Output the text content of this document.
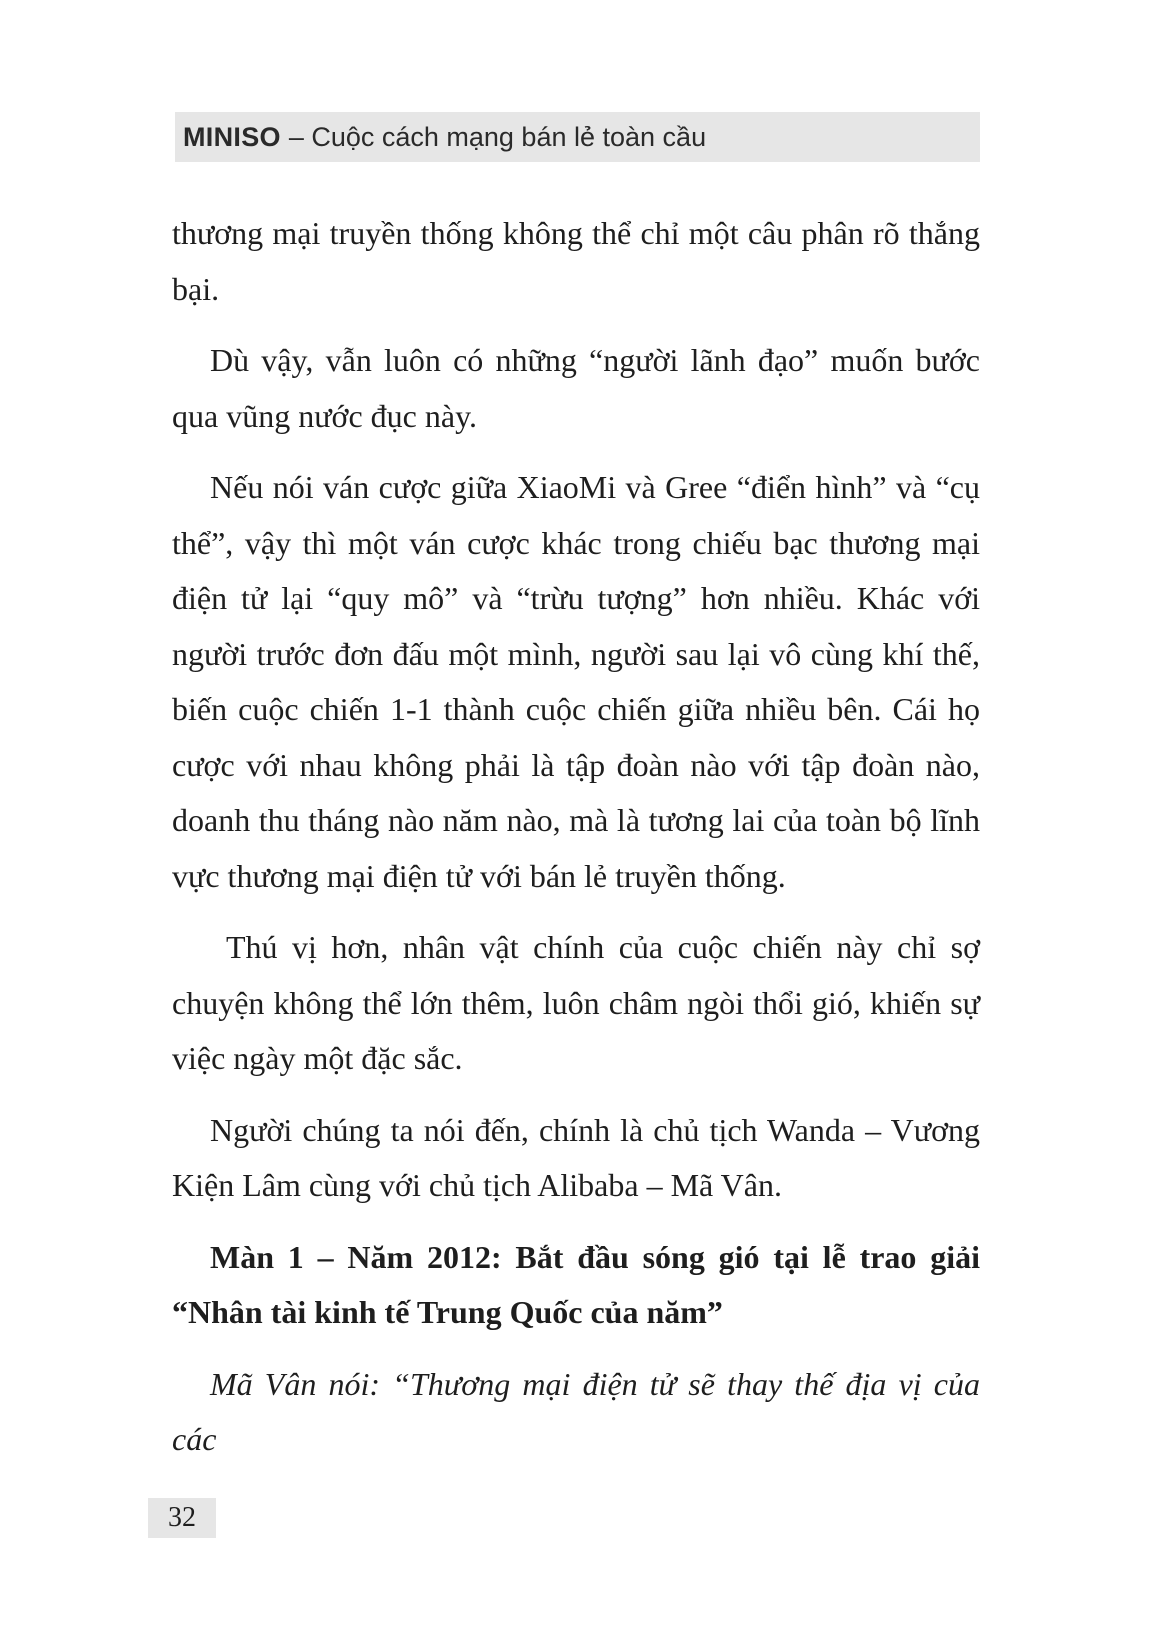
MINISO – Cuộc cách mạng bán lẻ toàn cầu

thương mại truyền thống không thể chỉ một câu phân rõ thắng bại.

Dù vậy, vẫn luôn có những “người lãnh đạo” muốn bước qua vũng nước đục này.

Nếu nói ván cược giữa XiaoMi và Gree “điển hình” và “cụ thể”, vậy thì một ván cược khác trong chiếu bạc thương mại điện tử lại “quy mô” và “trừu tượng” hơn nhiều. Khác với người trước đơn đấu một mình, người sau lại vô cùng khí thế, biến cuộc chiến 1-1 thành cuộc chiến giữa nhiều bên. Cái họ cược với nhau không phải là tập đoàn nào với tập đoàn nào, doanh thu tháng nào năm nào, mà là tương lai của toàn bộ lĩnh vực thương mại điện tử với bán lẻ truyền thống.

Thú vị hơn, nhân vật chính của cuộc chiến này chỉ sợ chuyện không thể lớn thêm, luôn châm ngòi thổi gió, khiến sự việc ngày một đặc sắc.

Người chúng ta nói đến, chính là chủ tịch Wanda – Vương Kiện Lâm cùng với chủ tịch Alibaba – Mã Vân.

Màn 1 – Năm 2012: Bắt đầu sóng gió tại lễ trao giải “Nhân tài kinh tế Trung Quốc của năm”

Mã Vân nói: “Thương mại điện tử sẽ thay thế địa vị của các

32
